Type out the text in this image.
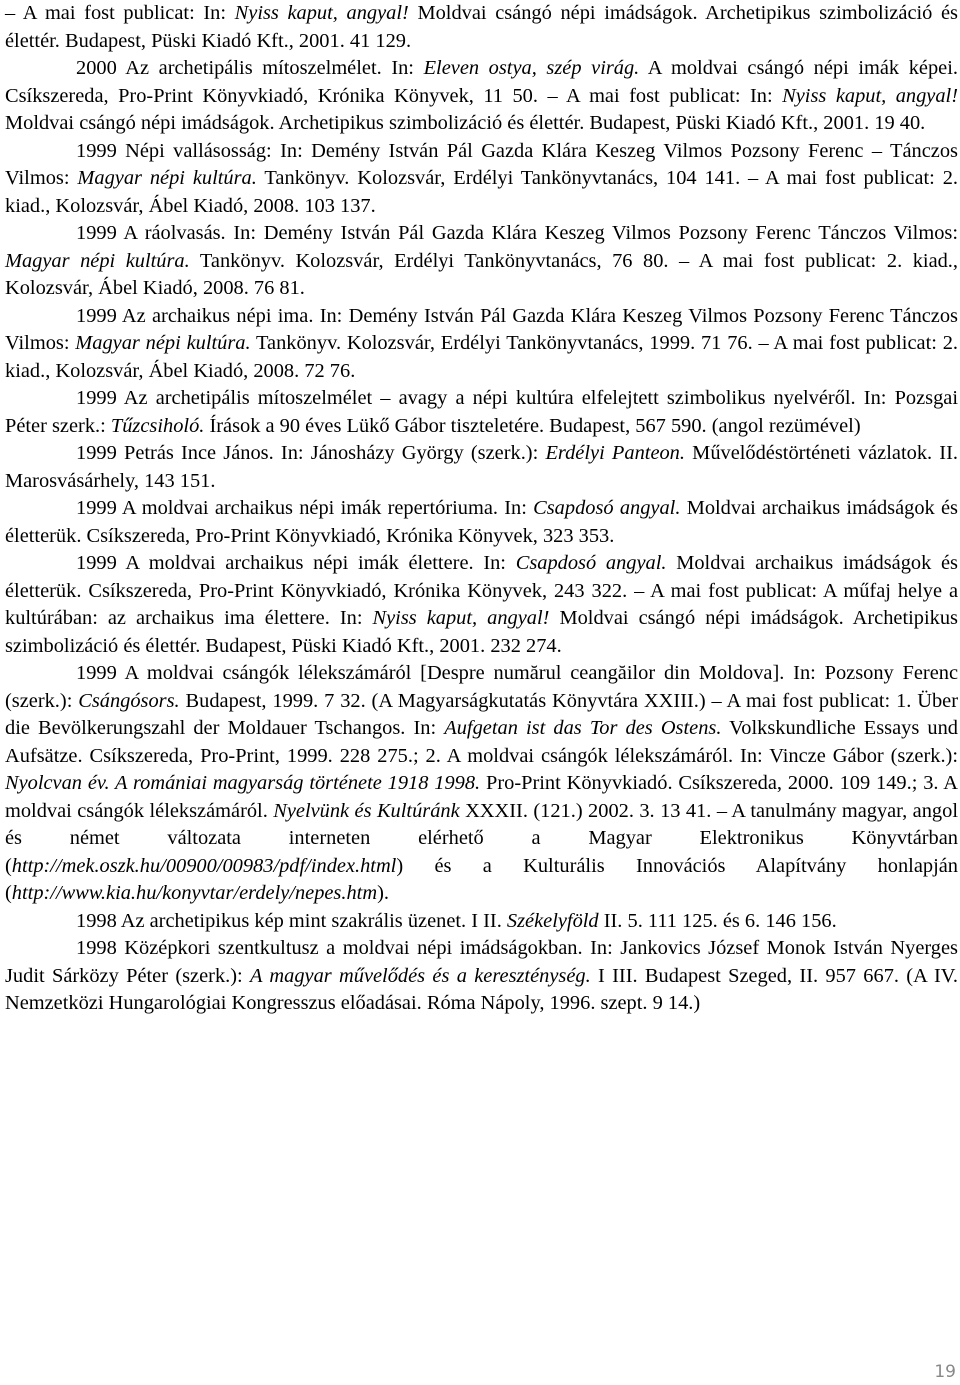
– A mai fost publicat: In: Nyiss kaput, angyal! Moldvai csángó népi imádságok. Archetipikus szimbolizáció és élettér. Budapest, Püski Kiadó Kft., 2001. 41 129.

2000 Az archetipális mítoszelmélet. In: Eleven ostya, szép virág. A moldvai csángó népi imák képei. Csíkszereda, Pro-Print Könyvkiadó, Krónika Könyvek, 11 50. – A mai fost publicat: In: Nyiss kaput, angyal! Moldvai csángó népi imádságok. Archetipikus szimbolizáció és élettér. Budapest, Püski Kiadó Kft., 2001. 19 40.

1999 Népi vallásosság: In: Demény István Pál Gazda Klára Keszeg Vilmos Pozsony Ferenc – Tánczos Vilmos: Magyar népi kultúra. Tankönyv. Kolozsvár, Erdélyi Tankönyvtanács, 104 141. – A mai fost publicat: 2. kiad., Kolozsvár, Ábel Kiadó, 2008. 103 137.

1999 A ráolvasás. In: Demény István Pál Gazda Klára Keszeg Vilmos Pozsony Ferenc Tánczos Vilmos: Magyar népi kultúra. Tankönyv. Kolozsvár, Erdélyi Tankönyvtanács, 76 80. – A mai fost publicat: 2. kiad., Kolozsvár, Ábel Kiadó, 2008. 76 81.

1999 Az archaikus népi ima. In: Demény István Pál Gazda Klára Keszeg Vilmos Pozsony Ferenc Tánczos Vilmos: Magyar népi kultúra. Tankönyv. Kolozsvár, Erdélyi Tankönyvtanács, 1999. 71 76. – A mai fost publicat: 2. kiad., Kolozsvár, Ábel Kiadó, 2008. 72 76.

1999 Az archetipális mítoszelmélet – avagy a népi kultúra elfelejtett szimbolikus nyelvéről. In: Pozsgai Péter szerk.: Tűzcsiholó. Írások a 90 éves Lükő Gábor tiszteletére. Budapest, 567 590. (angol rezümével)

1999 Petrás Ince János. In: Jánosházy György (szerk.): Erdélyi Panteon. Művelődéstörténeti vázlatok. II. Marosvásárhely, 143 151.

1999 A moldvai archaikus népi imák repertóriuma. In: Csapdosó angyal. Moldvai archaikus imádságok és életterük. Csíkszereda, Pro-Print Könyvkiadó, Krónika Könyvek, 323 353.

1999 A moldvai archaikus népi imák élettere. In: Csapdosó angyal. Moldvai archaikus imádságok és életterük. Csíkszereda, Pro-Print Könyvkiadó, Krónika Könyvek, 243 322. – A mai fost publicat: A műfaj helye a kultúrában: az archaikus ima élettere. In: Nyiss kaput, angyal! Moldvai csángó népi imádságok. Archetipikus szimbolizáció és élettér. Budapest, Püski Kiadó Kft., 2001. 232 274.

1999 A moldvai csángók lélekszámáról [Despre numărul ceangăilor din Moldova]. In: Pozsony Ferenc (szerk.): Csángósors. Budapest, 1999. 7 32. (A Magyarságkutatás Könyvtára XXIII.) – A mai fost publicat: 1. Über die Bevölkerungszahl der Moldauer Tschangos. In: Aufgetan ist das Tor des Ostens. Volkskundliche Essays und Aufsätze. Csíkszereda, Pro-Print, 1999. 228 275.; 2. A moldvai csángók lélekszámáról. In: Vincze Gábor (szerk.): Nyolcvan év. A romániai magyarság története 1918 1998. Pro-Print Könyvkiadó. Csíkszereda, 2000. 109 149.; 3. A moldvai csángók lélekszámáról. Nyelvünk és Kultúránk XXXII. (121.) 2002. 3. 13 41. – A tanulmány magyar, angol és német változata interneten elérhető a Magyar Elektronikus Könyvtárban (http://mek.oszk.hu/00900/00983/pdf/index.html) és a Kulturális Innovációs Alapítvány honlapján (http://www.kia.hu/konyvtar/erdely/nepes.htm).

1998 Az archetipikus kép mint szakrális üzenet. I II. Székelyföld II. 5. 111 125. és 6. 146 156.

1998 Középkori szentkultusz a moldvai népi imádságokban. In: Jankovics József Monok István Nyerges Judit Sárközy Péter (szerk.): A magyar művelődés és a kereszténység. I III. Budapest Szeged, II. 957 667. (A IV. Nemzetközi Hungarológiai Kongresszus előadásai. Róma Nápoly, 1996. szept. 9 14.)

19
